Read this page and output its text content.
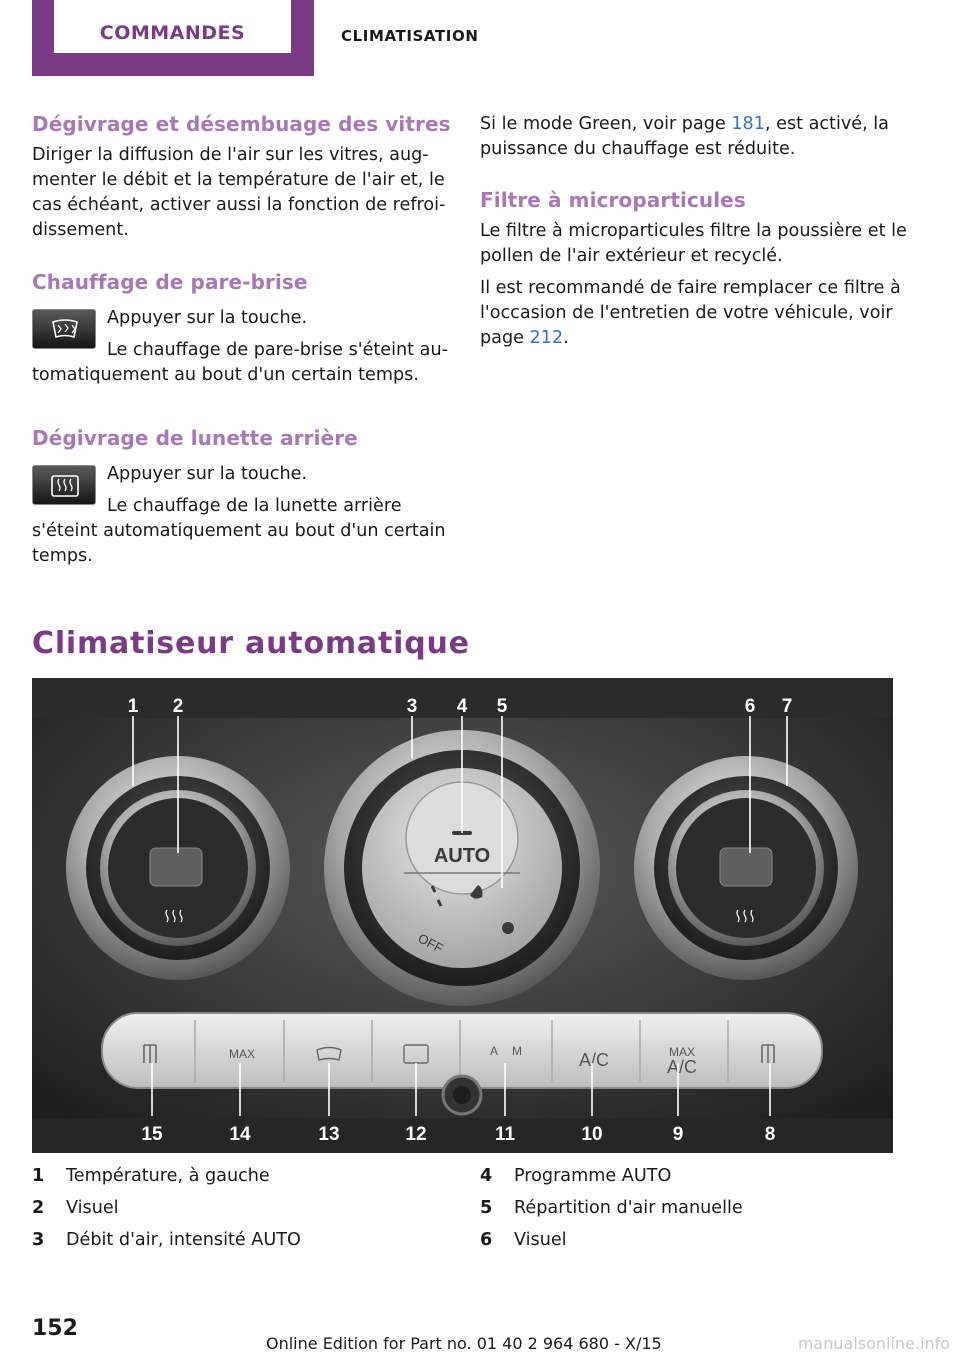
COMMANDES	CLIMATISATION
Dégivrage et désembuage des vitres
Diriger la diffusion de l'air sur les vitres, aug-
menter le débit et la température de l'air et, le
cas échéant, activer aussi la fonction de refroi-
dissement.
Chauffage de pare-brise
Appuyer sur la touche.
Le chauffage de pare-brise s'éteint au-
tomatiquement au bout d'un certain temps.
Dégivrage de lunette arrière
Appuyer sur la touche.
Le chauffage de la lunette arrière
s'éteint automatiquement au bout d'un certain
temps.
Si le mode Green, voir page 181, est activé, la
puissance du chauffage est réduite.
Filtre à microparticules
Le filtre à microparticules filtre la poussière et le
pollen de l'air extérieur et recyclé.
Il est recommandé de faire remplacer ce filtre à
l'occasion de l'entretien de votre véhicule, voir
page 212.
Climatiseur automatique
AUTO
OFF
MAX	A M	A/C	MAX
A/C
1 2	3 4 5	6 7
15	14	13	12	11	10	9	8
1 Température, à gauche
2 Visuel
3 Débit d'air, intensité AUTO
4 Programme AUTO
5 Répartition d'air manuelle
6 Visuel
152
Online Edition for Part no. 01 40 2 964 680 - X/15	manualsonline.info
